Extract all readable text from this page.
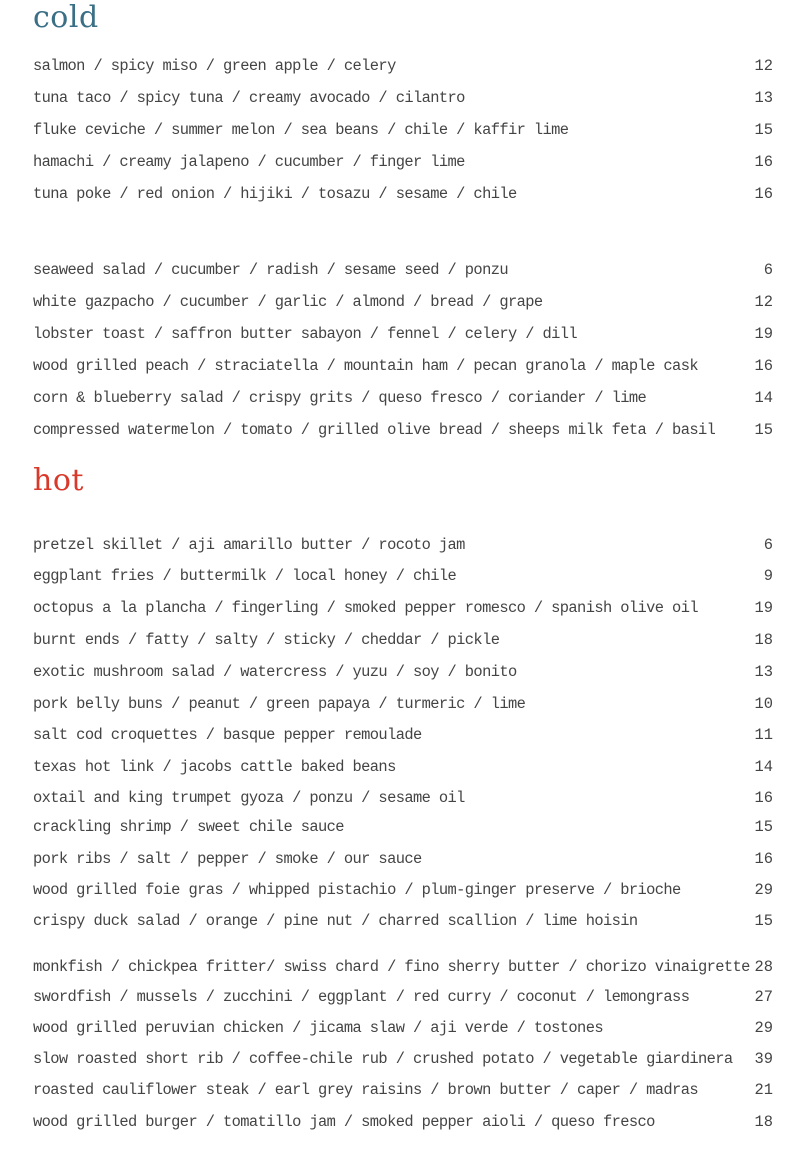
cold
salmon / spicy miso / green apple / celery	12
tuna taco / spicy tuna / creamy avocado / cilantro	13
fluke ceviche / summer melon / sea beans / chile / kaffir lime	15
hamachi / creamy jalapeno / cucumber / finger lime	16
tuna poke / red onion / hijiki / tosazu / sesame / chile	16
seaweed salad / cucumber / radish / sesame seed / ponzu	6
white gazpacho / cucumber / garlic / almond / bread / grape	12
lobster toast / saffron butter sabayon / fennel / celery / dill	19
wood grilled peach / straciatella / mountain ham / pecan granola / maple cask	16
corn & blueberry salad / crispy grits / queso fresco / coriander / lime	14
compressed watermelon / tomato / grilled olive bread / sheeps milk feta / basil	15
hot
pretzel skillet / aji amarillo butter / rocoto jam	6
eggplant fries / buttermilk / local honey / chile	9
octopus a la plancha / fingerling / smoked pepper romesco / spanish olive oil	19
burnt ends / fatty / salty / sticky / cheddar / pickle	18
exotic mushroom salad / watercress / yuzu / soy / bonito	13
pork belly buns / peanut / green papaya / turmeric / lime	10
salt cod croquettes / basque pepper remoulade	11
texas hot link / jacobs cattle baked beans	14
oxtail and king trumpet gyoza / ponzu / sesame oil	16
crackling shrimp / sweet chile sauce	15
pork ribs / salt / pepper / smoke / our sauce	16
wood grilled foie gras / whipped pistachio / plum-ginger preserve / brioche	29
crispy duck salad / orange / pine nut / charred scallion / lime hoisin	15
monkfish / chickpea fritter/ swiss chard / fino sherry butter / chorizo vinaigrette 28
swordfish / mussels / zucchini / eggplant / red curry / coconut / lemongrass	27
wood grilled peruvian chicken / jicama slaw / aji verde / tostones	29
slow roasted short rib / coffee-chile rub / crushed potato / vegetable giardinera 39
roasted cauliflower steak / earl grey raisins / brown butter / caper / madras	21
wood grilled burger / tomatillo jam / smoked pepper aioli / queso fresco	18
